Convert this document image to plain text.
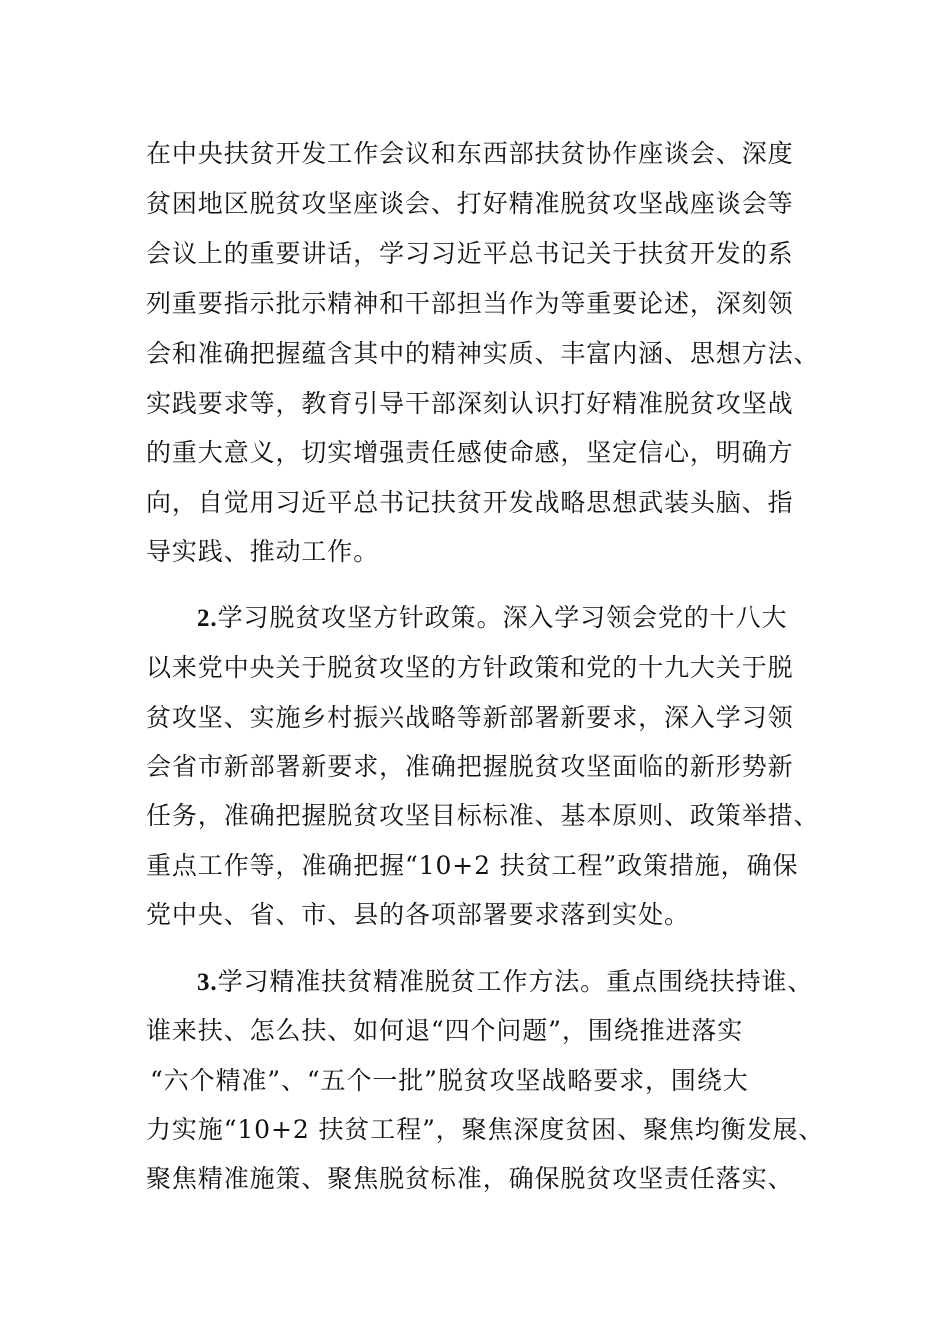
在中央扶贫开发工作会议和东西部扶贫协作座谈会、深度
贫困地区脱贫攻坚座谈会、打好精准脱贫攻坚战座谈会等
会议上的重要讲话，学习习近平总书记关于扶贫开发的系
列重要指示批示精神和干部担当作为等重要论述，深刻领
会和准确把握蕴含其中的精神实质、丰富内涵、思想方法、
实践要求等，教育引导干部深刻认识打好精准脱贫攻坚战
的重大意义，切实增强责任感使命感，坚定信心，明确方
向，自觉用习近平总书记扶贫开发战略思想武装头脑、指
导实践、推动工作。
2.学习脱贫攻坚方针政策。深入学习领会党的十八大
以来党中央关于脱贫攻坚的方针政策和党的十九大关于脱
贫攻坚、实施乡村振兴战略等新部署新要求，深入学习领
会省市新部署新要求，准确把握脱贫攻坚面临的新形势新
任务，准确把握脱贫攻坚目标标准、基本原则、政策举措、
重点工作等，准确把握“10+2 扶贫工程”政策措施，确保
党中央、省、市、县的各项部署要求落到实处。
3.学习精准扶贫精准脱贫工作方法。重点围绕扶持谁、
谁来扶、怎么扶、如何退“四个问题”，围绕推进落实
“六个精准”、“五个一批”脱贫攻坚战略要求，围绕大
力实施“10+2 扶贫工程”，聚焦深度贫困、聚焦均衡发展、
聚焦精准施策、聚焦脱贫标准，确保脱贫攻坚责任落实、
